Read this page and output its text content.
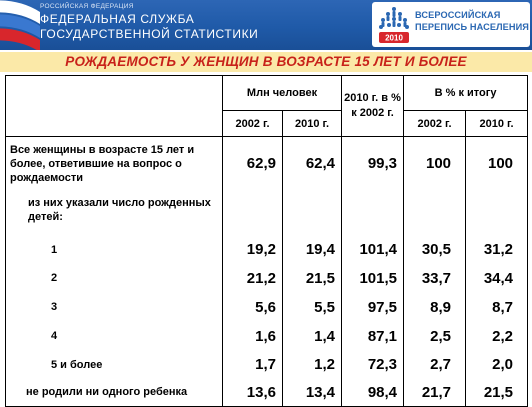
РОССИЙСКАЯ ФЕДЕРАЦИЯ
ФЕДЕРАЛЬНАЯ СЛУЖБА
ГОСУДАРСТВЕННОЙ СТАТИСТИКИ	2010
ВСЕРОССИЙСКАЯ
ПЕРЕПИСЬ НАСЕЛЕНИЯ
РОЖДАЕМОСТЬ У ЖЕНЩИН В ВОЗРАСТЕ 15 ЛЕТ И БОЛЕЕ
	Млн человек		2010 г. в % к 2002 г.	В % к итогу	
	2002 г.	2010 г.		2002 г.	2010 г.
Все женщины в возрасте 15 лет и более, ответившие на вопрос о рождаемости	62,9	62,4	99,3	100	100
из них указали число рожденных детей:					
1	19,2	19,4	101,4	30,5	31,2
2	21,2	21,5	101,5	33,7	34,4
3	5,6	5,5	97,5	8,9	8,7
4	1,6	1,4	87,1	2,5	2,2
5 и более	1,7	1,2	72,3	2,7	2,0
не родили ни одного ребенка	13,6	13,4	98,4	21,7	21,5
